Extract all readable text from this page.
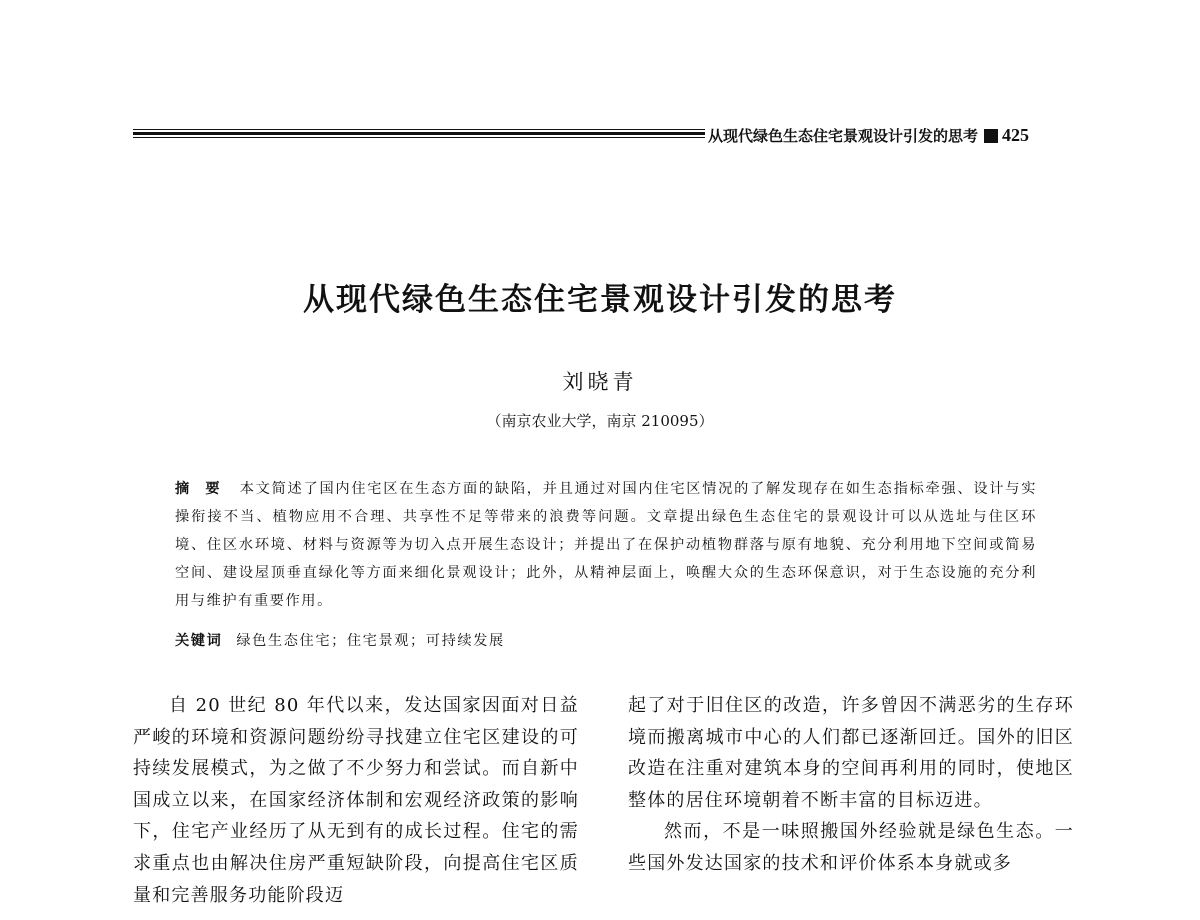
从现代绿色生态住宅景观设计引发的思考 425
从现代绿色生态住宅景观设计引发的思考
刘晓青
（南京农业大学，南京 210095）
摘要 本文简述了国内住宅区在生态方面的缺陷，并且通过对国内住宅区情况的了解发现存在如生态指标牵强、设计与实操衔接不当、植物应用不合理、共享性不足等带来的浪费等问题。文章提出绿色生态住宅的景观设计可以从选址与住区环境、住区水环境、材料与资源等为切入点开展生态设计；并提出了在保护动植物群落与原有地貌、充分利用地下空间或简易空间、建设屋顶垂直绿化等方面来细化景观设计；此外，从精神层面上，唤醒大众的生态环保意识，对于生态设施的充分利用与维护有重要作用。
关键词 绿色生态住宅；住宅景观；可持续发展

自 20 世纪 80 年代以来，发达国家因面对日益严峻的环境和资源问题纷纷寻找建立住宅区建设的可持续发展模式，为之做了不少努力和尝试。而自新中国成立以来，在国家经济体制和宏观经济政策的影响下，住宅产业经历了从无到有的成长过程。住宅的需求重点也由解决住房严重短缺阶段，向提高住宅区质量和完善服务功能阶段迈

起了对于旧住区的改造，许多曾因不满恶劣的生存环境而搬离城市中心的人们都已逐渐回迁。国外的旧区改造在注重对建筑本身的空间再利用的同时，使地区整体的居住环境朝着不断丰富的目标迈进。

然而，不是一味照搬国外经验就是绿色生态。一些国外发达国家的技术和评价体系本身就或多
